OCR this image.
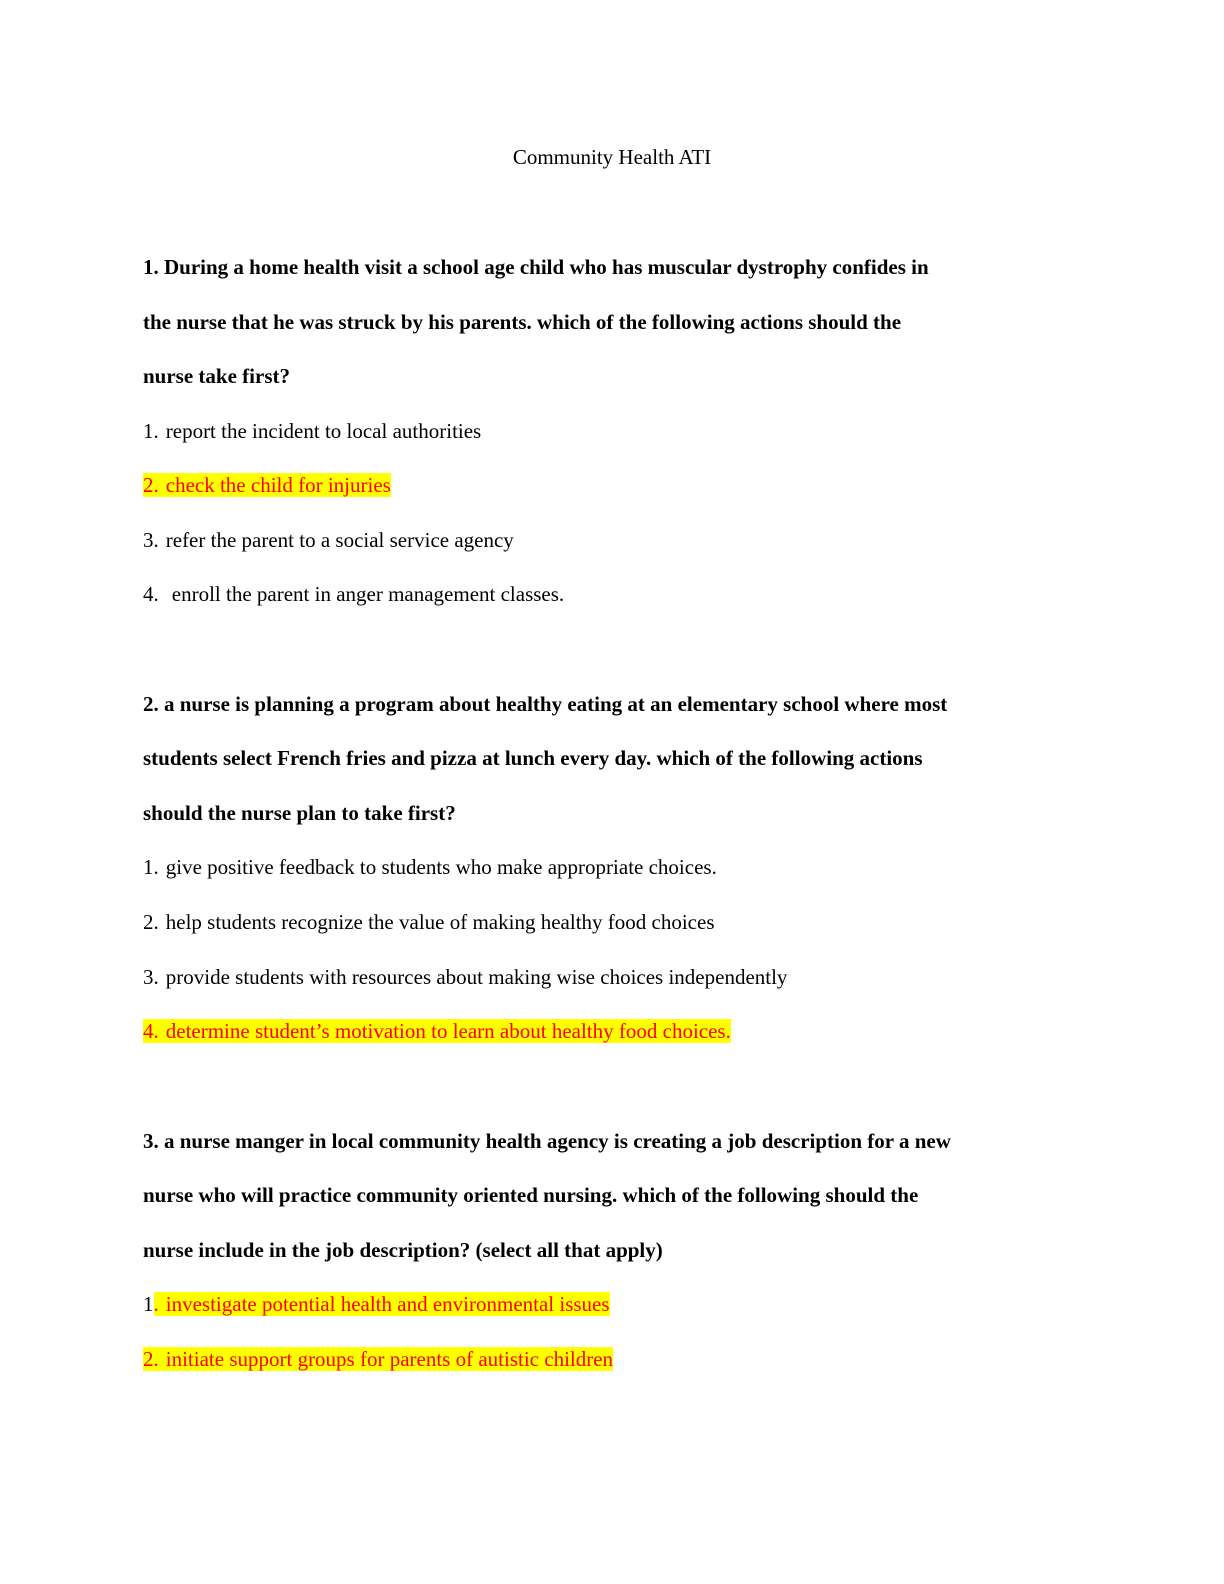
Community Health ATI
1. During a home health visit a school age child who has muscular dystrophy confides in
the nurse that he was struck by his parents. which of the following actions should the
nurse take first?
1. report the incident to local authorities
2. check the child for injuries
3. refer the parent to a social service agency
4. enroll the parent in anger management classes.
2. a nurse is planning a program about healthy eating at an elementary school where most
students select French fries and pizza at lunch every day. which of the following actions
should the nurse plan to take first?
1. give positive feedback to students who make appropriate choices.
2. help students recognize the value of making healthy food choices
3. provide students with resources about making wise choices independently
4. determine student’s motivation to learn about healthy food choices.
3. a nurse manger in local community health agency is creating a job description for a new
nurse who will practice community oriented nursing. which of the following should the
nurse include in the job description? (select all that apply)
1. investigate potential health and environmental issues
2. initiate support groups for parents of autistic children
